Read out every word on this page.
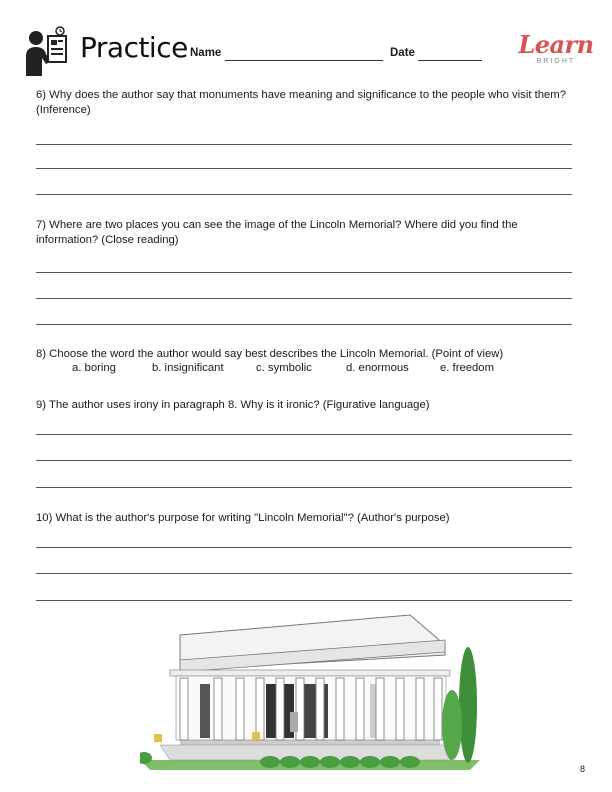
Practice Name	Date	Learn
BRIGHT
6) Why does the author say that monuments have meaning and significance to the people who visit them? (Inference)
7) Where are two places you can see the image of the Lincoln Memorial? Where did you find the information? (Close reading)
8) Choose the word the author would say best describes the Lincoln Memorial. (Point of view)
a. boring	b. insignificant	c. symbolic	d. enormous	e. freedom
9) The author uses irony in paragraph 8. Why is it ironic? (Figurative language)
10) What is the author's purpose for writing "Lincoln Memorial"? (Author's purpose)
8
